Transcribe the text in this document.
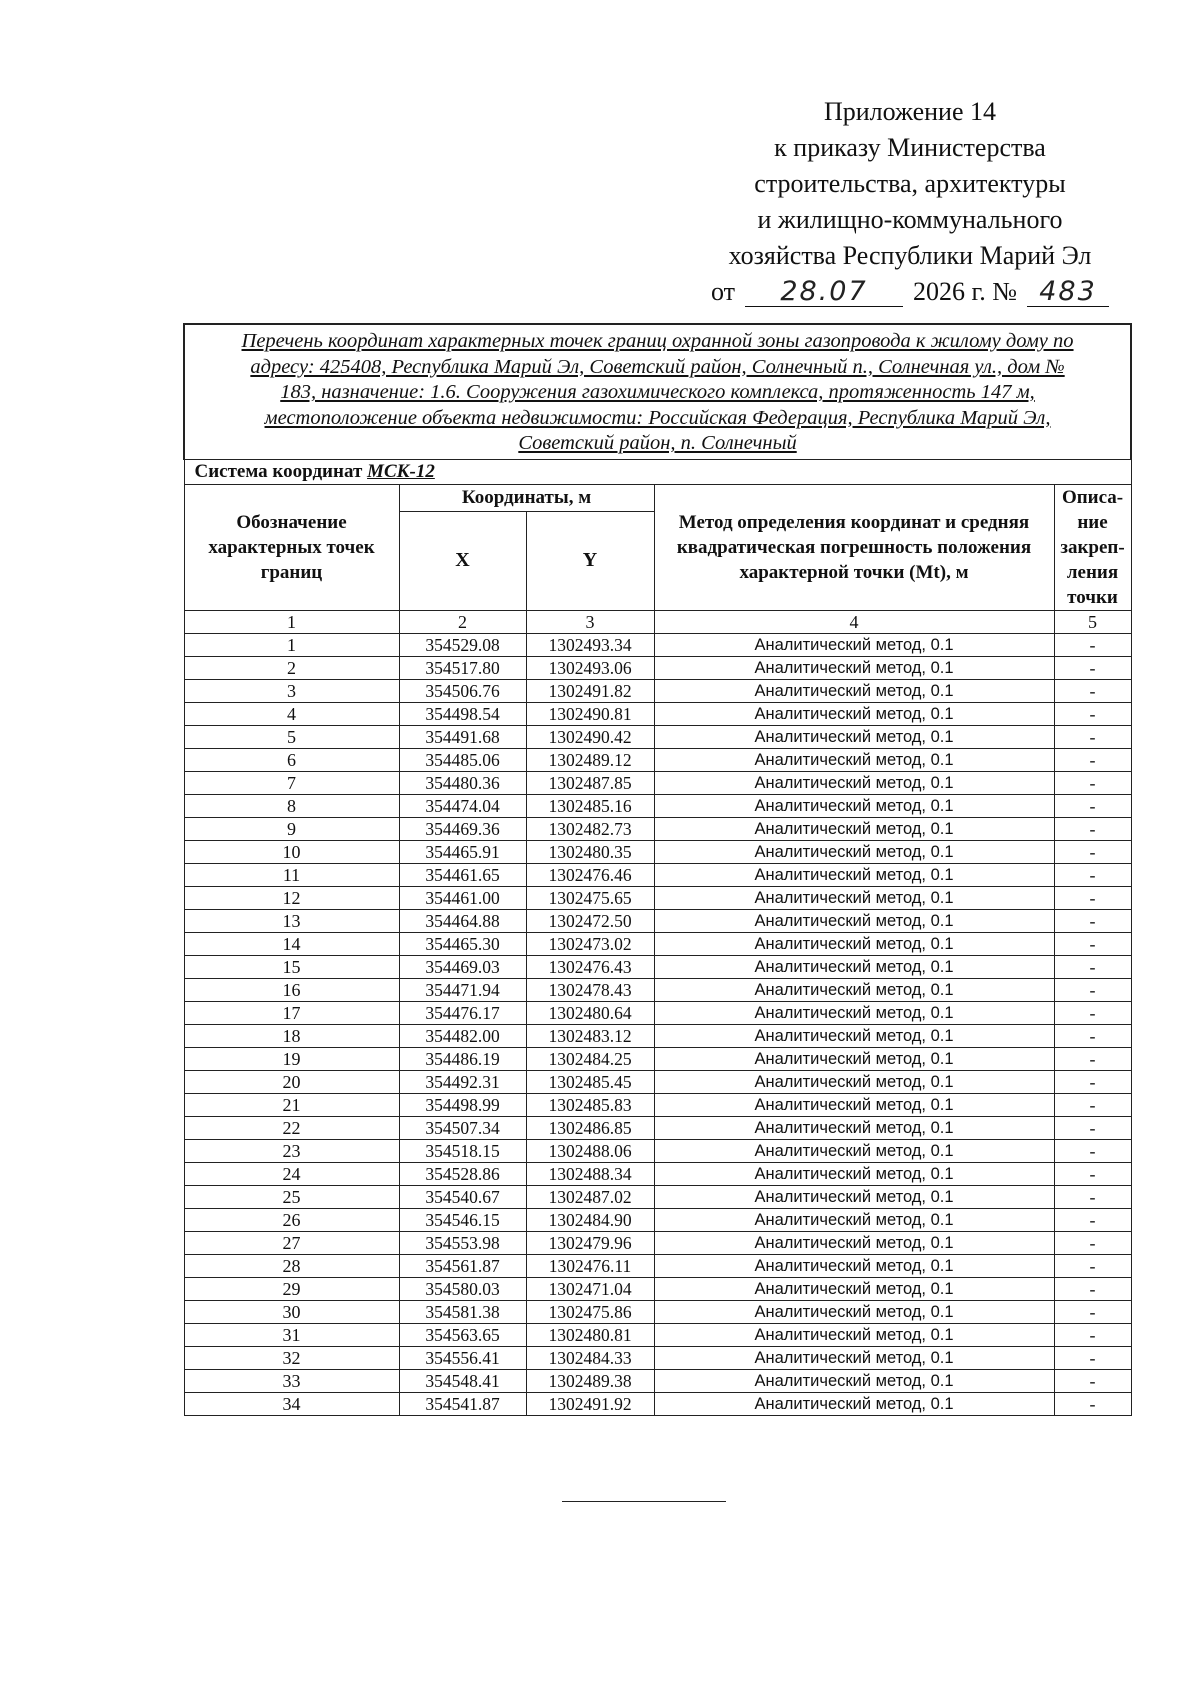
Приложение 14
к приказу Министерства
строительства, архитектуры
и жилищно-коммунального
хозяйства Республики Марий Эл
от	28.07	2026 г. № 483
Перечень координат характерных точек границ охранной зоны газопровода к жилому дому по
адресу: 425408, Республика Марий Эл, Советский район, Солнечный п., Солнечная ул., дом №
183, назначение: 1.6. Сооружения газохимического комплекса, протяженность 147 м,
местоположение объекта недвижимости: Российская Федерация, Республика Марий Эл,
Советский район, п. Солнечный				

Система координат МСК-12				
Обозначение характерных точек границ	Координаты, м		Метод определения координат и средняя квадратическая погрешность положения характерной точки (Mt), м	Описа-ние закреп-ления точки
	X	Y		
1	2	3	4	5
1	354529.08	1302493.34	Аналитический метод, 0.1	-
2	354517.80	1302493.06	Аналитический метод, 0.1	-
3	354506.76	1302491.82	Аналитический метод, 0.1	-
4	354498.54	1302490.81	Аналитический метод, 0.1	-
5	354491.68	1302490.42	Аналитический метод, 0.1	-
6	354485.06	1302489.12	Аналитический метод, 0.1	-
7	354480.36	1302487.85	Аналитический метод, 0.1	-
8	354474.04	1302485.16	Аналитический метод, 0.1	-
9	354469.36	1302482.73	Аналитический метод, 0.1	-
10	354465.91	1302480.35	Аналитический метод, 0.1	-
11	354461.65	1302476.46	Аналитический метод, 0.1	-
12	354461.00	1302475.65	Аналитический метод, 0.1	-
13	354464.88	1302472.50	Аналитический метод, 0.1	-
14	354465.30	1302473.02	Аналитический метод, 0.1	-
15	354469.03	1302476.43	Аналитический метод, 0.1	-
16	354471.94	1302478.43	Аналитический метод, 0.1	-
17	354476.17	1302480.64	Аналитический метод, 0.1	-
18	354482.00	1302483.12	Аналитический метод, 0.1	-
19	354486.19	1302484.25	Аналитический метод, 0.1	-
20	354492.31	1302485.45	Аналитический метод, 0.1	-
21	354498.99	1302485.83	Аналитический метод, 0.1	-
22	354507.34	1302486.85	Аналитический метод, 0.1	-
23	354518.15	1302488.06	Аналитический метод, 0.1	-
24	354528.86	1302488.34	Аналитический метод, 0.1	-
25	354540.67	1302487.02	Аналитический метод, 0.1	-
26	354546.15	1302484.90	Аналитический метод, 0.1	-
27	354553.98	1302479.96	Аналитический метод, 0.1	-
28	354561.87	1302476.11	Аналитический метод, 0.1	-
29	354580.03	1302471.04	Аналитический метод, 0.1	-
30	354581.38	1302475.86	Аналитический метод, 0.1	-
31	354563.65	1302480.81	Аналитический метод, 0.1	-
32	354556.41	1302484.33	Аналитический метод, 0.1	-
33	354548.41	1302489.38	Аналитический метод, 0.1	-
34	354541.87	1302491.92	Аналитический метод, 0.1	-
